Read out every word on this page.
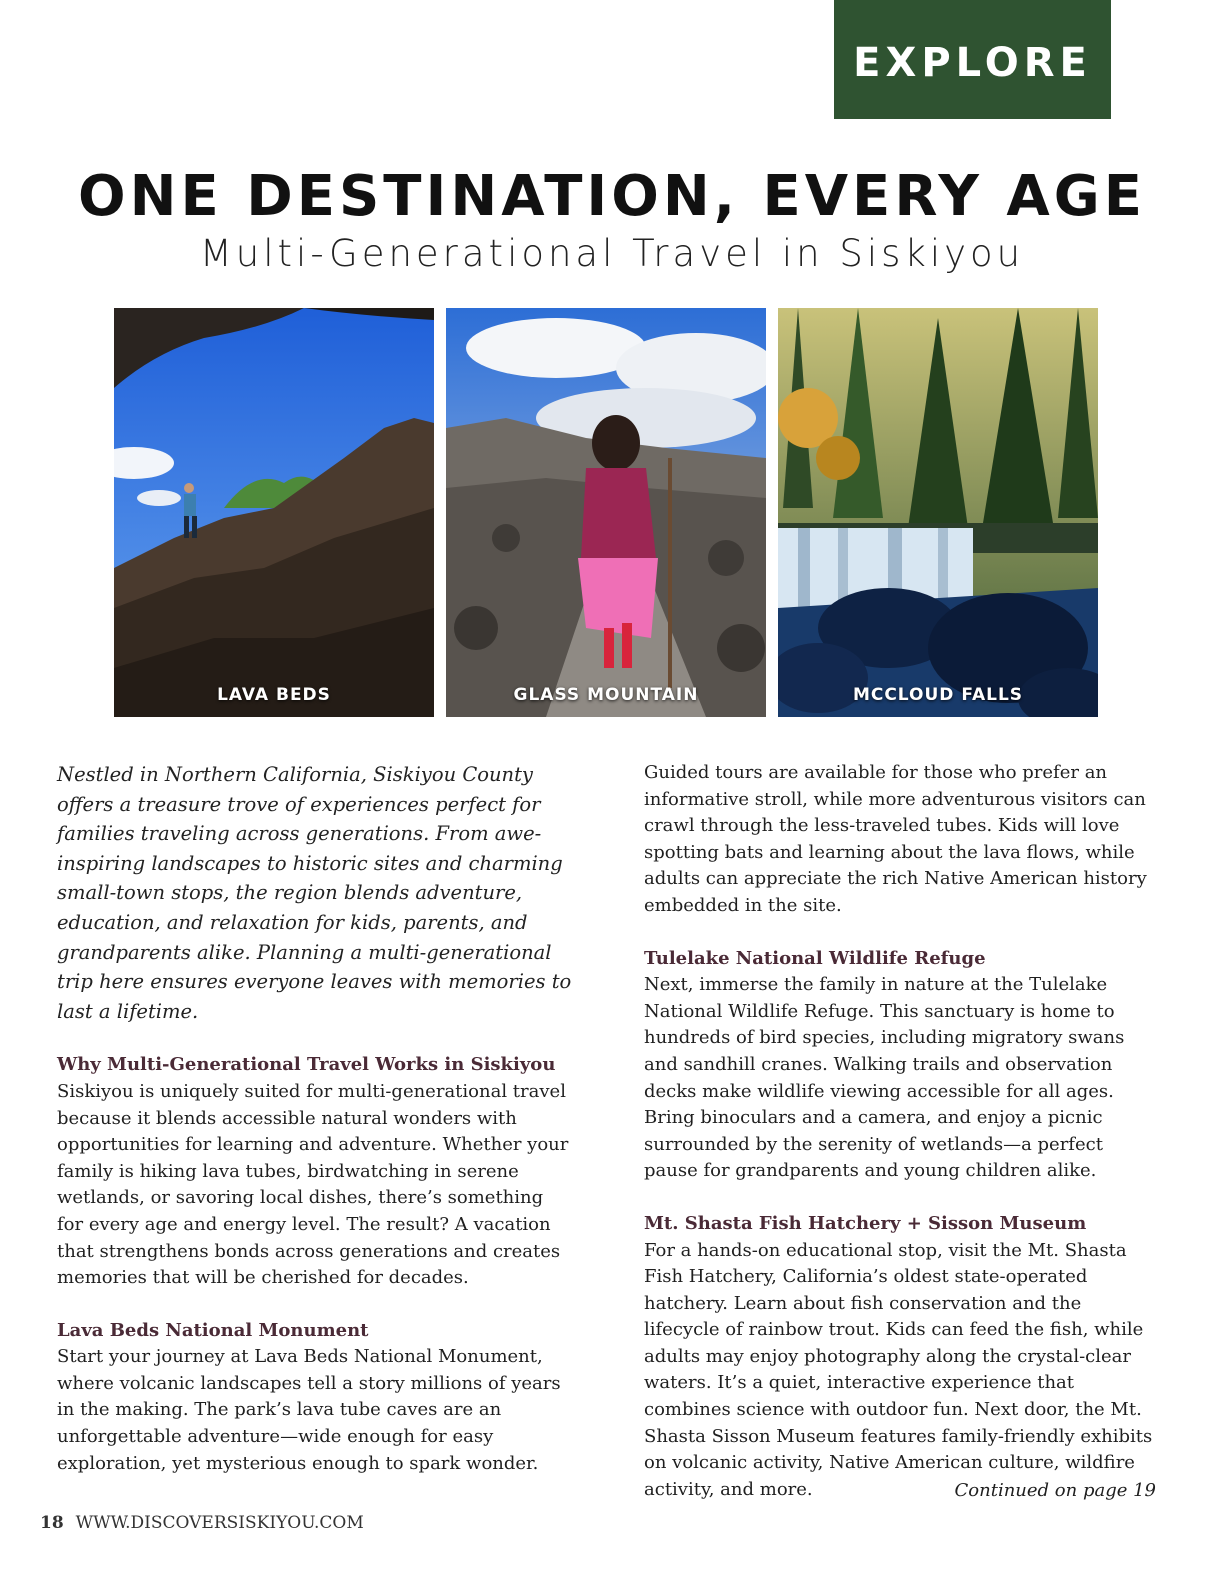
EXPLORE
ONE DESTINATION, EVERY AGE
Multi-Generational Travel in Siskiyou
LAVA BEDS	GLASS MOUNTAIN	MCCLOUD FALLS

Nestled in Northern California, Siskiyou County offers a treasure trove of experiences perfect for families traveling across generations. From awe-inspiring landscapes to historic sites and charming small-town stops, the region blends adventure, education, and relaxation for kids, parents, and grandparents alike. Planning a multi-generational trip here ensures everyone leaves with memories to last a lifetime.

Why Multi-Generational Travel Works in Siskiyou

Siskiyou is uniquely suited for multi-generational travel because it blends accessible natural wonders with opportunities for learning and adventure. Whether your family is hiking lava tubes, birdwatching in serene wetlands, or savoring local dishes, there’s something for every age and energy level. The result? A vacation that strengthens bonds across generations and creates memories that will be cherished for decades.

Lava Beds National Monument

Start your journey at Lava Beds National Monument, where volcanic landscapes tell a story millions of years in the making. The park’s lava tube caves are an unforgettable adventure—wide enough for easy exploration, yet mysterious enough to spark wonder.

Guided tours are available for those who prefer an informative stroll, while more adventurous visitors can crawl through the less-traveled tubes. Kids will love spotting bats and learning about the lava flows, while adults can appreciate the rich Native American history embedded in the site.

Tulelake National Wildlife Refuge

Next, immerse the family in nature at the Tulelake National Wildlife Refuge. This sanctuary is home to hundreds of bird species, including migratory swans and sandhill cranes. Walking trails and observation decks make wildlife viewing accessible for all ages. Bring binoculars and a camera, and enjoy a picnic surrounded by the serenity of wetlands—a perfect pause for grandparents and young children alike.

Mt. Shasta Fish Hatchery + Sisson Museum

For a hands-on educational stop, visit the Mt. Shasta Fish Hatchery, California’s oldest state-operated hatchery. Learn about fish conservation and the lifecycle of rainbow trout. Kids can feed the fish, while adults may enjoy photography along the crystal-clear waters. It’s a quiet, interactive experience that combines science with outdoor fun. Next door, the Mt. Shasta Sisson Museum features family-friendly exhibits on volcanic activity, Native American culture, wildfire activity, and more.	Continued on page 19
18 WWW.DISCOVERSISKIYOU.COM
